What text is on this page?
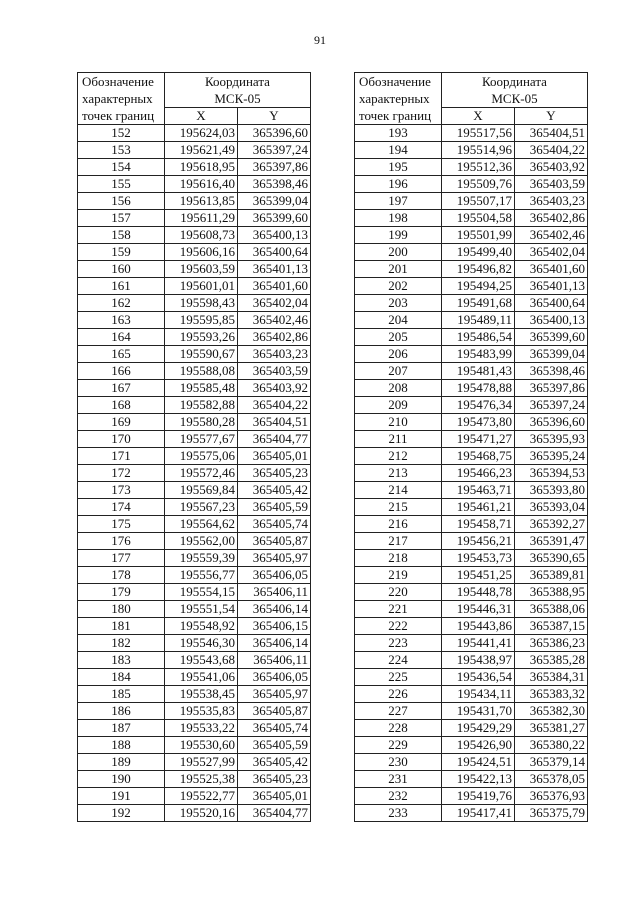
91
Обозначение
характерных
точек границ	Координата
МСК-05	
	X	Y
152	195624,03	365396,60
153	195621,49	365397,24
154	195618,95	365397,86
155	195616,40	365398,46
156	195613,85	365399,04
157	195611,29	365399,60
158	195608,73	365400,13
159	195606,16	365400,64
160	195603,59	365401,13
161	195601,01	365401,60
162	195598,43	365402,04
163	195595,85	365402,46
164	195593,26	365402,86
165	195590,67	365403,23
166	195588,08	365403,59
167	195585,48	365403,92
168	195582,88	365404,22
169	195580,28	365404,51
170	195577,67	365404,77
171	195575,06	365405,01
172	195572,46	365405,23
173	195569,84	365405,42
174	195567,23	365405,59
175	195564,62	365405,74
176	195562,00	365405,87
177	195559,39	365405,97
178	195556,77	365406,05
179	195554,15	365406,11
180	195551,54	365406,14
181	195548,92	365406,15
182	195546,30	365406,14
183	195543,68	365406,11
184	195541,06	365406,05
185	195538,45	365405,97
186	195535,83	365405,87
187	195533,22	365405,74
188	195530,60	365405,59
189	195527,99	365405,42
190	195525,38	365405,23
191	195522,77	365405,01
192	195520,16	365404,77
Обозначение
характерных
точек границ	Координата
МСК-05	
	X	Y
193	195517,56	365404,51
194	195514,96	365404,22
195	195512,36	365403,92
196	195509,76	365403,59
197	195507,17	365403,23
198	195504,58	365402,86
199	195501,99	365402,46
200	195499,40	365402,04
201	195496,82	365401,60
202	195494,25	365401,13
203	195491,68	365400,64
204	195489,11	365400,13
205	195486,54	365399,60
206	195483,99	365399,04
207	195481,43	365398,46
208	195478,88	365397,86
209	195476,34	365397,24
210	195473,80	365396,60
211	195471,27	365395,93
212	195468,75	365395,24
213	195466,23	365394,53
214	195463,71	365393,80
215	195461,21	365393,04
216	195458,71	365392,27
217	195456,21	365391,47
218	195453,73	365390,65
219	195451,25	365389,81
220	195448,78	365388,95
221	195446,31	365388,06
222	195443,86	365387,15
223	195441,41	365386,23
224	195438,97	365385,28
225	195436,54	365384,31
226	195434,11	365383,32
227	195431,70	365382,30
228	195429,29	365381,27
229	195426,90	365380,22
230	195424,51	365379,14
231	195422,13	365378,05
232	195419,76	365376,93
233	195417,41	365375,79
